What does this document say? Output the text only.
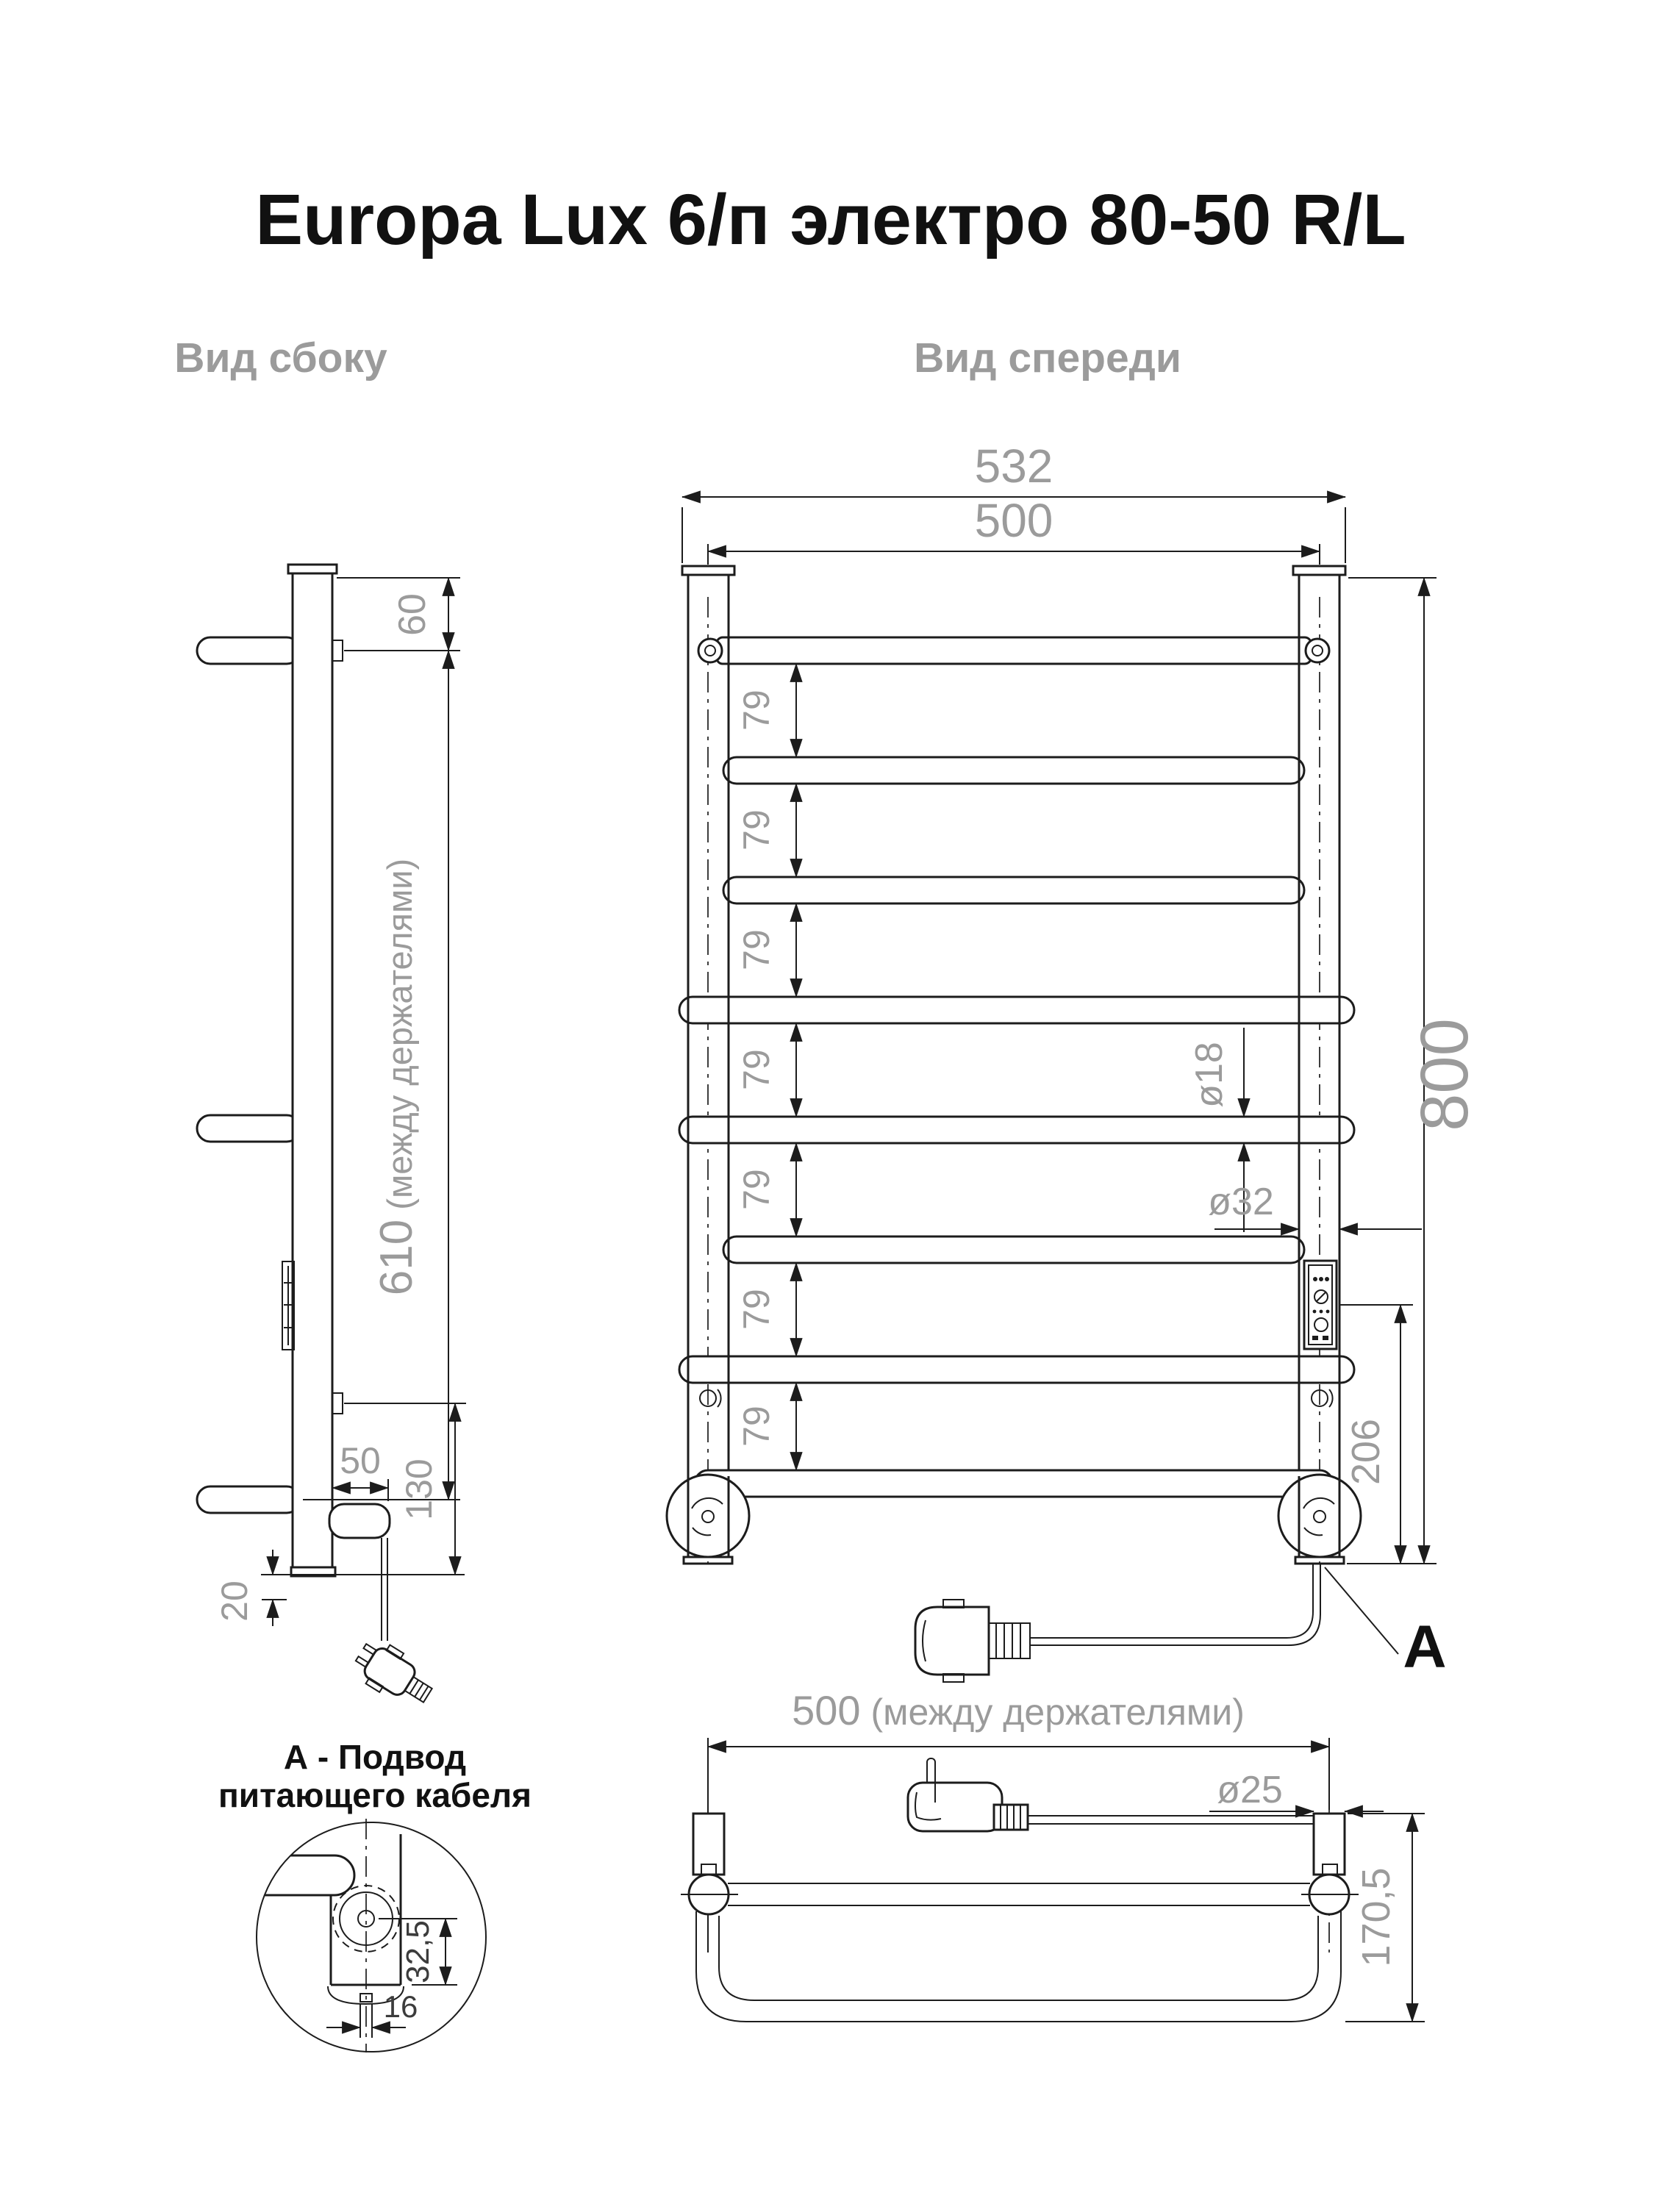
Europa Lux 6/п электро 80-50 R/L
Вид сбоку	Вид спереди
60
610 (между держателями)
50 130
20
А - Подвод
питающего кабеля
32,5
16
A
532
500
79
79
79
79
79
79
79
ø18
ø32
206
800
500 (между держателями)
ø25
170,5
